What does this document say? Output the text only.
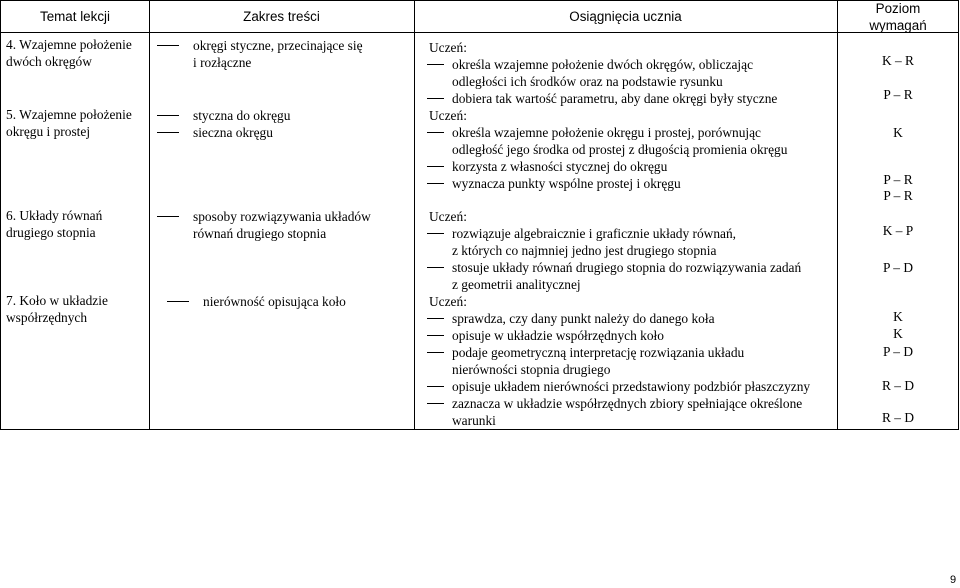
Temat lekcji	Zakres treści	Osiągnięcia ucznia
Poziom
wymagań
4. Wzajemne położenie
dwóch okręgów
5. Wzajemne położenie
okręgu i prostej
6. Układy równań
drugiego stopnia
7. Koło w układzie
współrzędnych
okręgi styczne, przecinające się
i rozłączne
styczna do okręgu
sieczna okręgu
sposoby rozwiązywania układów
równań drugiego stopnia
nierówność opisująca koło
Uczeń:
określa wzajemne położenie dwóch okręgów, obliczając
odległości ich środków oraz na podstawie rysunku
dobiera tak wartość parametru, aby dane okręgi były styczne
Uczeń:
określa wzajemne położenie okręgu i prostej, porównując
odległość jego środka od prostej z długością promienia okręgu
korzysta z własności stycznej do okręgu
wyznacza punkty wspólne prostej i okręgu
Uczeń:
rozwiązuje algebraicznie i graficznie układy równań,
z których co najmniej jedno jest drugiego stopnia
stosuje układy równań drugiego stopnia do rozwiązywania zadań
z geometrii analitycznej
Uczeń:
sprawdza, czy dany punkt należy do danego koła
opisuje w układzie współrzędnych koło
podaje geometryczną interpretację rozwiązania układu
nierówności stopnia drugiego
opisuje układem nierówności przedstawiony podzbiór płaszczyzny
zaznacza w układzie współrzędnych zbiory spełniające określone
warunki
K – R
P – R
K
P – R
P – R
K – P
P – D
K
K
P – D
R – D
R – D
9
